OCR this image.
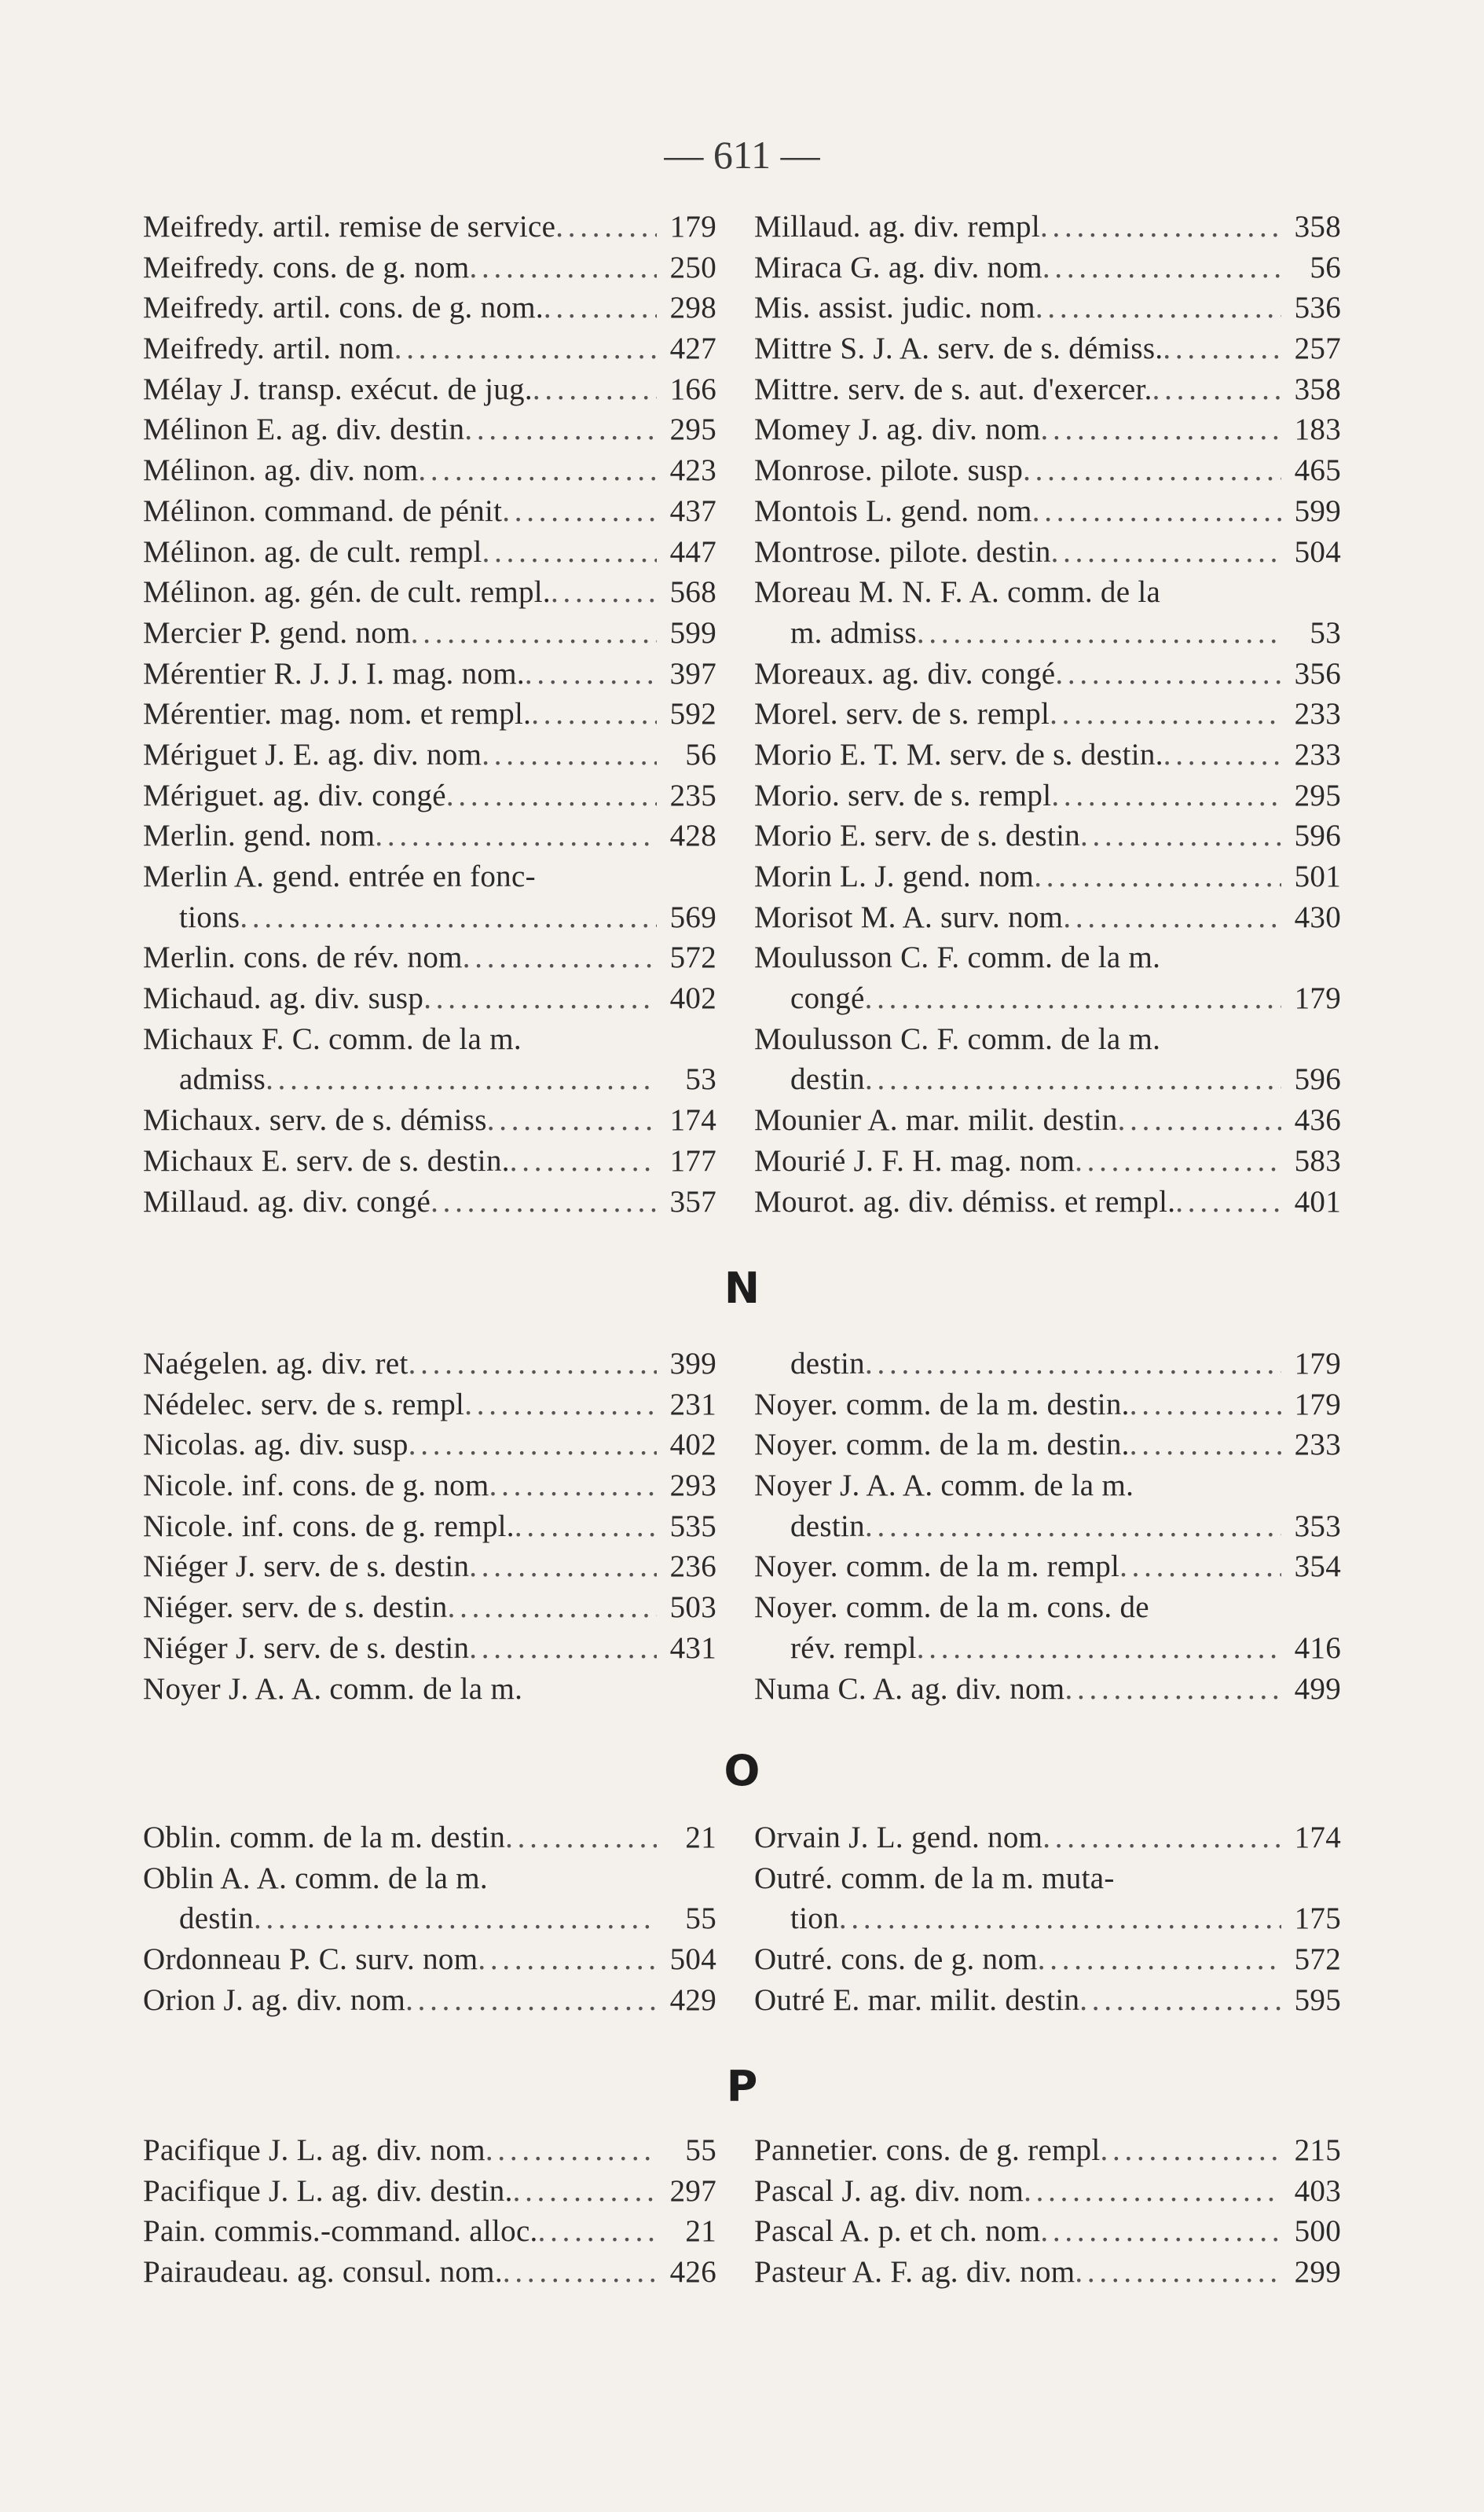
— 611 —
Meifredy. artil. remise de service . . .	179
Meifredy. cons. de g. nom . . .	250
Meifredy. artil. cons. de g. nom. . . .	298
Meifredy. artil. nom . . .	427
Mélay J. transp. exécut. de jug. . . .	166
Mélinon E. ag. div. destin . . .	295
Mélinon. ag. div. nom . . .	423
Mélinon. command. de pénit . . .	437
Mélinon. ag. de cult. rempl . . .	447
Mélinon. ag. gén. de cult. rempl. . . .	568
Mercier P. gend. nom . . .	599
Mérentier R. J. J. I. mag. nom. . . .	397
Mérentier. mag. nom. et rempl. . . .	592
Mériguet J. E. ag. div. nom . . .	56
Mériguet. ag. div. congé . . .	235
Merlin. gend. nom . . .	428
Merlin A. gend. entrée en fonc-
tions . . .	569
Merlin. cons. de rév. nom . . .	572
Michaud. ag. div. susp . . .	402
Michaux F. C. comm. de la m.
admiss . . .	53
Michaux. serv. de s. démiss . . .	174
Michaux E. serv. de s. destin. . . .	177
Millaud. ag. div. congé . . .	357
Millaud. ag. div. rempl . . .	358
Miraca G. ag. div. nom . . .	56
Mis. assist. judic. nom . . .	536
Mittre S. J. A. serv. de s. démiss. . . .	257
Mittre. serv. de s. aut. d'exercer. . . .	358
Momey J. ag. div. nom . . .	183
Monrose. pilote. susp . . .	465
Montois L. gend. nom . . .	599
Montrose. pilote. destin . . .	504
Moreau M. N. F. A. comm. de la
m. admiss . . .	53
Moreaux. ag. div. congé . . .	356
Morel. serv. de s. rempl . . .	233
Morio E. T. M. serv. de s. destin. . . .	233
Morio. serv. de s. rempl . . .	295
Morio E. serv. de s. destin . . .	596
Morin L. J. gend. nom . . .	501
Morisot M. A. surv. nom . . .	430
Moulusson C. F. comm. de la m.
congé . . .	179
Moulusson C. F. comm. de la m.
destin . . .	596
Mounier A. mar. milit. destin . . .	436
Mourié J. F. H. mag. nom . . .	583
Mourot. ag. div. démiss. et rempl. . . .	401
N
Naégelen. ag. div. ret . . .	399
Nédelec. serv. de s. rempl . . .	231
Nicolas. ag. div. susp . . .	402
Nicole. inf. cons. de g. nom . . .	293
Nicole. inf. cons. de g. rempl. . . .	535
Niéger J. serv. de s. destin . . .	236
Niéger. serv. de s. destin . . .	503
Niéger J. serv. de s. destin . . .	431
Noyer J. A. A. comm. de la m.
destin . . .	179
Noyer. comm. de la m. destin. . . .	179
Noyer. comm. de la m. destin. . . .	233
Noyer J. A. A. comm. de la m.
destin . . .	353
Noyer. comm. de la m. rempl . . .	354
Noyer. comm. de la m. cons. de
rév. rempl . . .	416
Numa C. A. ag. div. nom . . .	499
O
Oblin. comm. de la m. destin . . .	21
Oblin A. A. comm. de la m.
destin . . .	55
Ordonneau P. C. surv. nom . . .	504
Orion J. ag. div. nom . . .	429
Orvain J. L. gend. nom . . .	174
Outré. comm. de la m. muta-
tion . . .	175
Outré. cons. de g. nom . . .	572
Outré E. mar. milit. destin . . .	595
P
Pacifique J. L. ag. div. nom . . .	55
Pacifique J. L. ag. div. destin. . . .	297
Pain. commis.-command. alloc. . . .	21
Pairaudeau. ag. consul. nom. . . .	426
Pannetier. cons. de g. rempl . . .	215
Pascal J. ag. div. nom . . .	403
Pascal A. p. et ch. nom . . .	500
Pasteur A. F. ag. div. nom . . .	299
